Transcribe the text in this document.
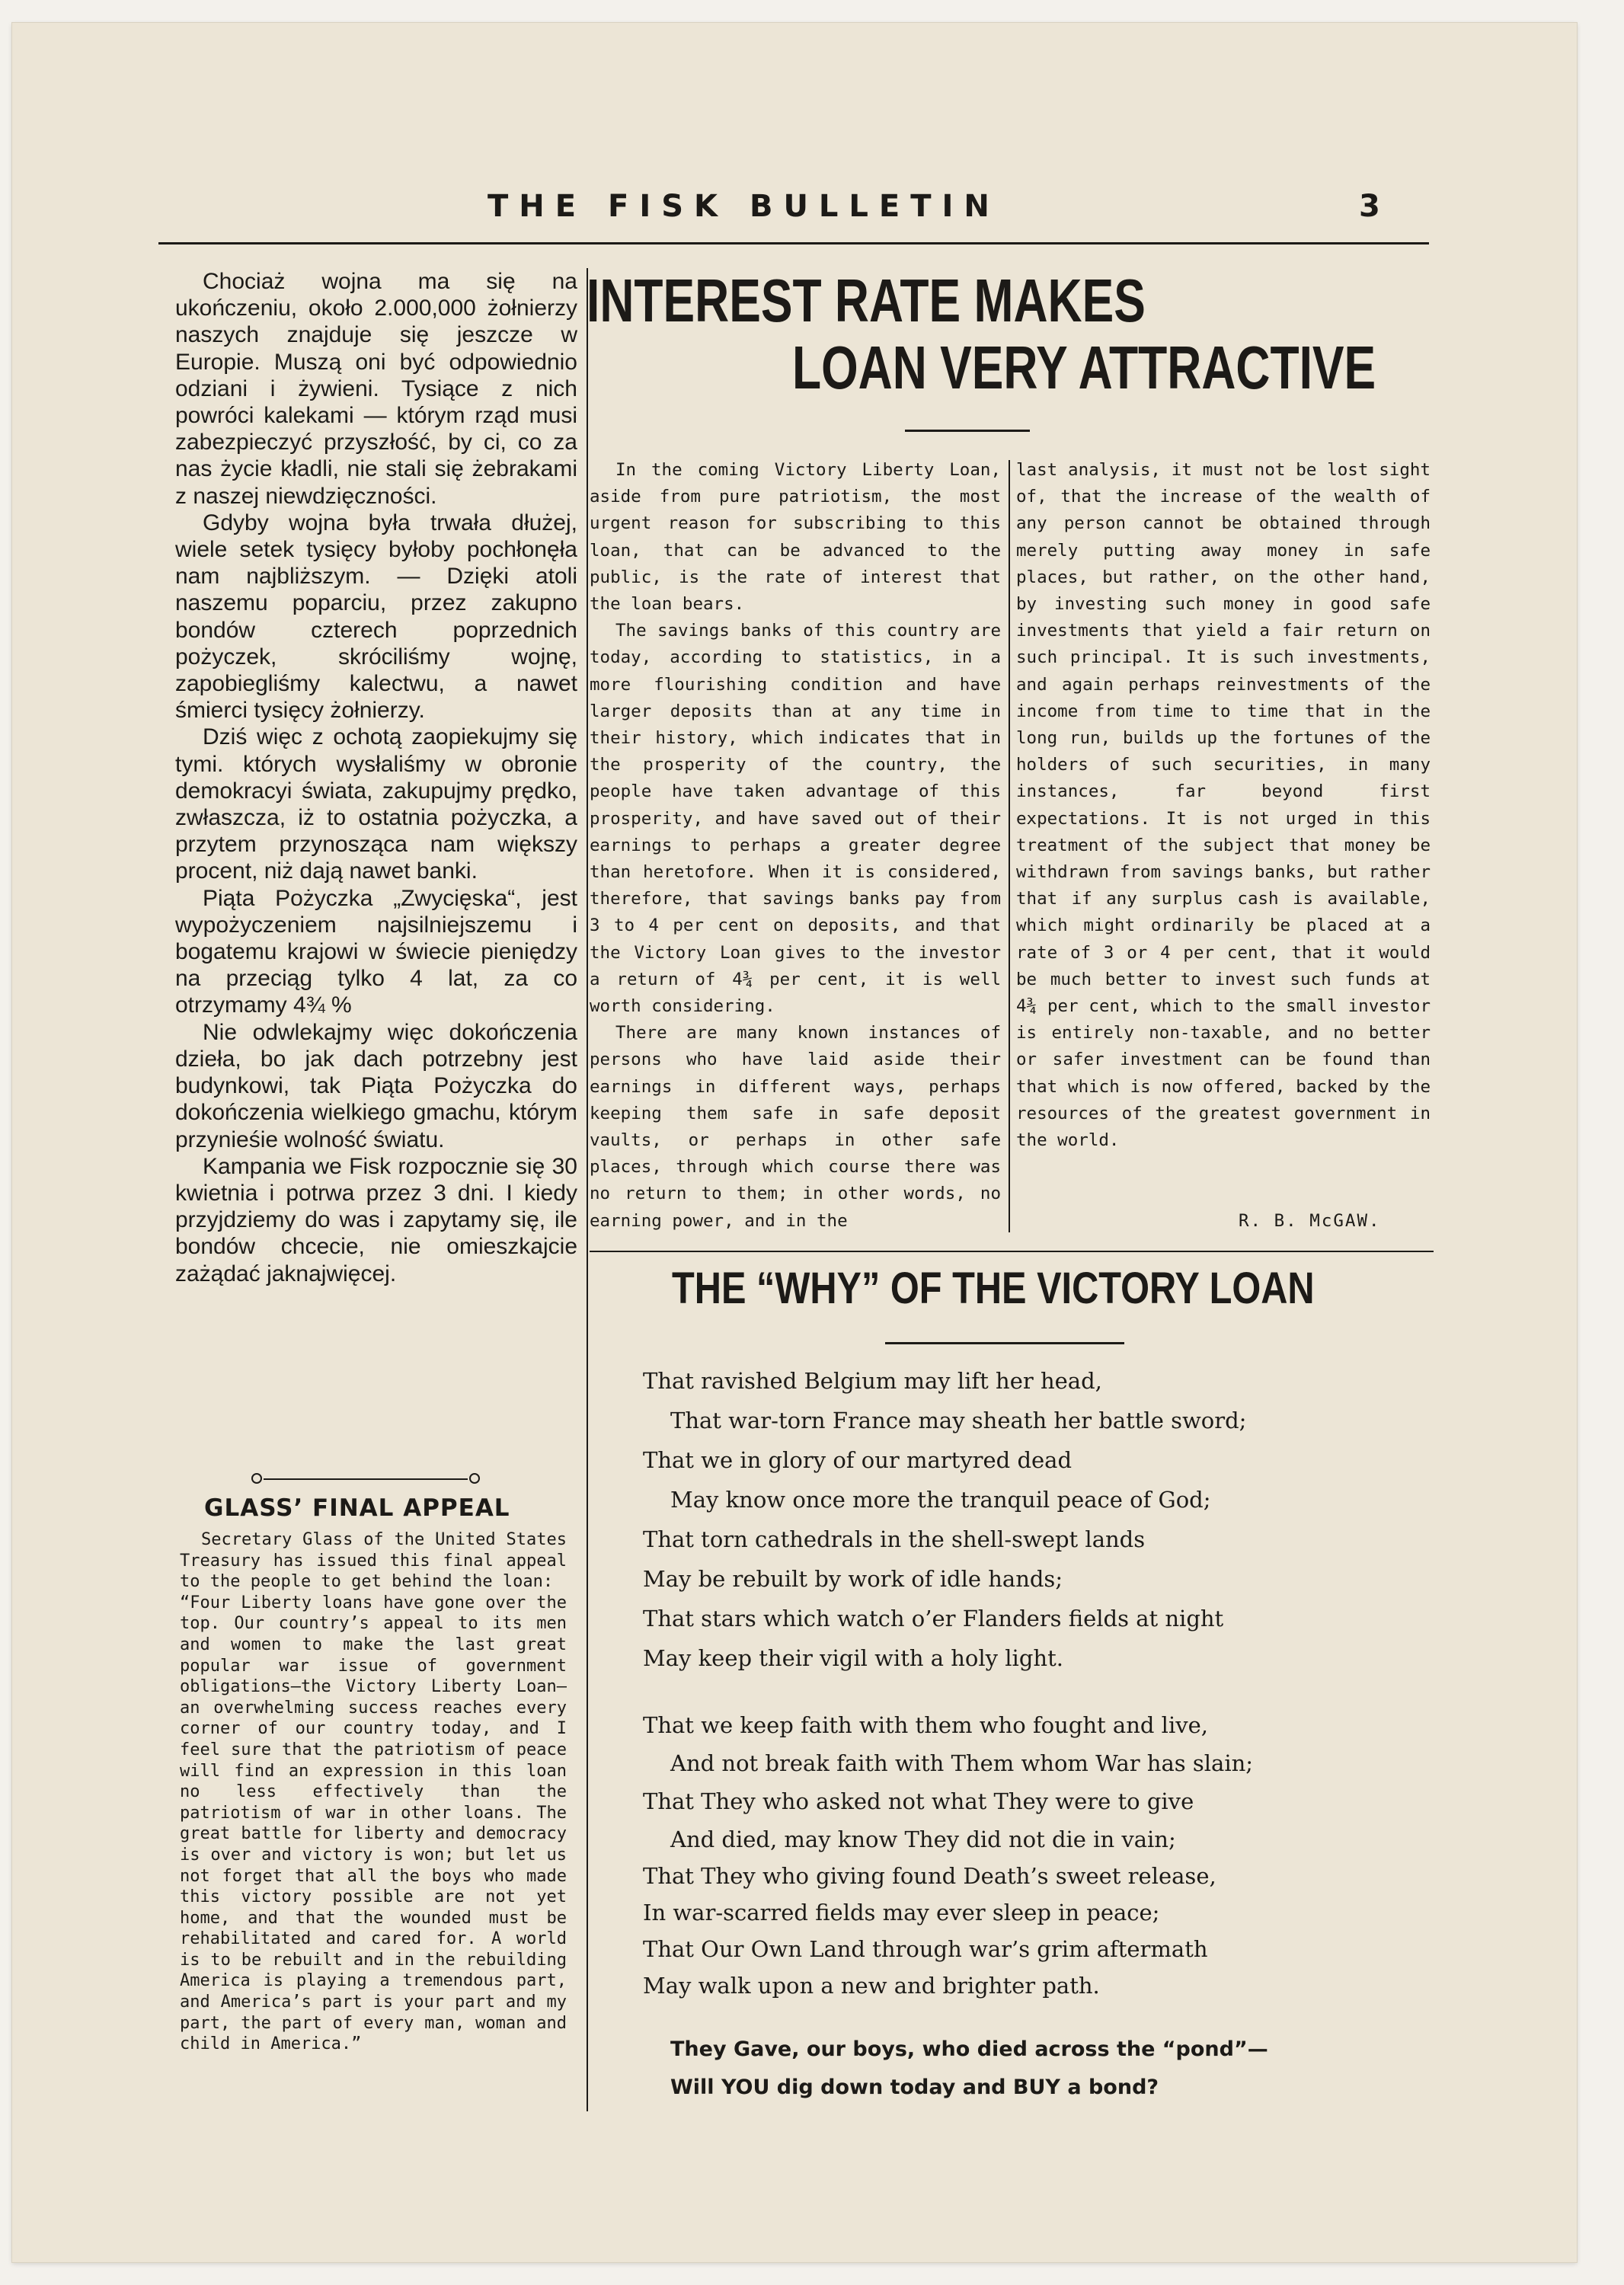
THE FISK BULLETIN	3

Chociaż wojna ma się na ukończeniu, około 2.000,000 żołnierzy naszych znajduje się jeszcze w Europie. Muszą oni być odpowiednio odziani i żywieni. Tysiące z nich powróci kalekami — którym rząd musi zabezpieczyć przyszłość, by ci, co za nas życie kładli, nie stali się żebrakami z naszej niewdzięczności.

Gdyby wojna była trwała dłużej, wiele setek tysięcy byłoby pochłonęła nam najbliższym. — Dzięki atoli naszemu poparciu, przez zakupno bondów czterech poprzednich pożyczek, skróciliśmy wojnę, zapobiegliśmy kalectwu, a nawet śmierci tysięcy żołnierzy.

Dziś więc z ochotą zaopiekujmy się tymi. których wysłaliśmy w obronie demokracyi świata, zakupujmy prędko, zwłaszcza, iż to ostatnia pożyczka, a przytem przynosząca nam większy procent, niż dają nawet banki.

Piąta Pożyczka „Zwycięska“, jest wypożyczeniem najsilniejszemu i bogatemu krajowi w świecie pieniędzy na przeciąg tylko 4 lat, za co otrzymamy 4¾ %

Nie odwlekajmy więc dokończenia dzieła, bo jak dach potrzebny jest budynkowi, tak Piąta Pożyczka do dokończenia wielkiego gmachu, którym przynieśie wolność światu.

Kampania we Fisk rozpocznie się 30 kwietnia i potrwa przez 3 dni. I kiedy przyjdziemy do was i zapytamy się, ile bondów chcecie, nie omieszkajcie zażądać jaknajwięcej.

GLASS’ FINAL APPEAL

Secretary Glass of the United States Treasury has issued this final appeal to the people to get behind the loan:

“Four Liberty loans have gone over the top. Our country’s appeal to its men and women to make the last great popular war issue of government obligations—the Victory Liberty Loan—an overwhelming success reaches every corner of our country today, and I feel sure that the patriotism of peace will find an expression in this loan no less effectively than the patriotism of war in other loans. The great battle for liberty and democracy is over and victory is won; but let us not forget that all the boys who made this victory possible are not yet home, and that the wounded must be rehabilitated and cared for. A world is to be rebuilt and in the rebuilding America is playing a tremendous part, and America’s part is your part and my part, the part of every man, woman and child in America.”

INTEREST RATE MAKES
LOAN VERY ATTRACTIVE

In the coming Victory Liberty Loan, aside from pure patriotism, the most urgent reason for subscribing to this loan, that can be advanced to the public, is the rate of interest that the loan bears.

The savings banks of this country are today, according to statistics, in a more flourishing condition and have larger deposits than at any time in their history, which indicates that in the prosperity of the country, the people have taken advantage of this prosperity, and have saved out of their earnings to perhaps a greater degree than heretofore. When it is considered, therefore, that savings banks pay from 3 to 4 per cent on deposits, and that the Victory Loan gives to the investor a return of 4¾ per cent, it is well worth considering.

There are many known instances of persons who have laid aside their earnings in different ways, perhaps keeping them safe in safe deposit vaults, or perhaps in other safe places, through which course there was no return to them; in other words, no earning power, and in the

last analysis, it must not be lost sight of, that the increase of the wealth of any person cannot be obtained through merely putting away money in safe places, but rather, on the other hand, by investing such money in good safe investments that yield a fair return on such principal. It is such investments, and again perhaps reinvestments of the income from time to time that in the long run, builds up the fortunes of the holders of such securities, in many instances, far beyond first expectations. It is not urged in this treatment of the subject that money be withdrawn from savings banks, but rather that if any surplus cash is available, which might ordinarily be placed at a rate of 3 or 4 per cent, that it would be much better to invest such funds at 4¾ per cent, which to the small investor is entirely non-taxable, and no better or safer investment can be found than that which is now offered, backed by the resources of the greatest government in the world.

R. B. McGAW.
THE “WHY” OF THE VICTORY LOAN
That ravished Belgium may lift her head,
That war-torn France may sheath her battle sword;
That we in glory of our martyred dead
May know once more the tranquil peace of God;
That torn cathedrals in the shell-swept lands
May be rebuilt by work of idle hands;
That stars which watch o’er Flanders fields at night
May keep their vigil with a holy light.
That we keep faith with them who fought and live,
And not break faith with Them whom War has slain;
That They who asked not what They were to give
And died, may know They did not die in vain;
That They who giving found Death’s sweet release,
In war-scarred fields may ever sleep in peace;
That Our Own Land through war’s grim aftermath
May walk upon a new and brighter path.
They Gave, our boys, who died across the “pond”—
Will YOU dig down today and BUY a bond?
